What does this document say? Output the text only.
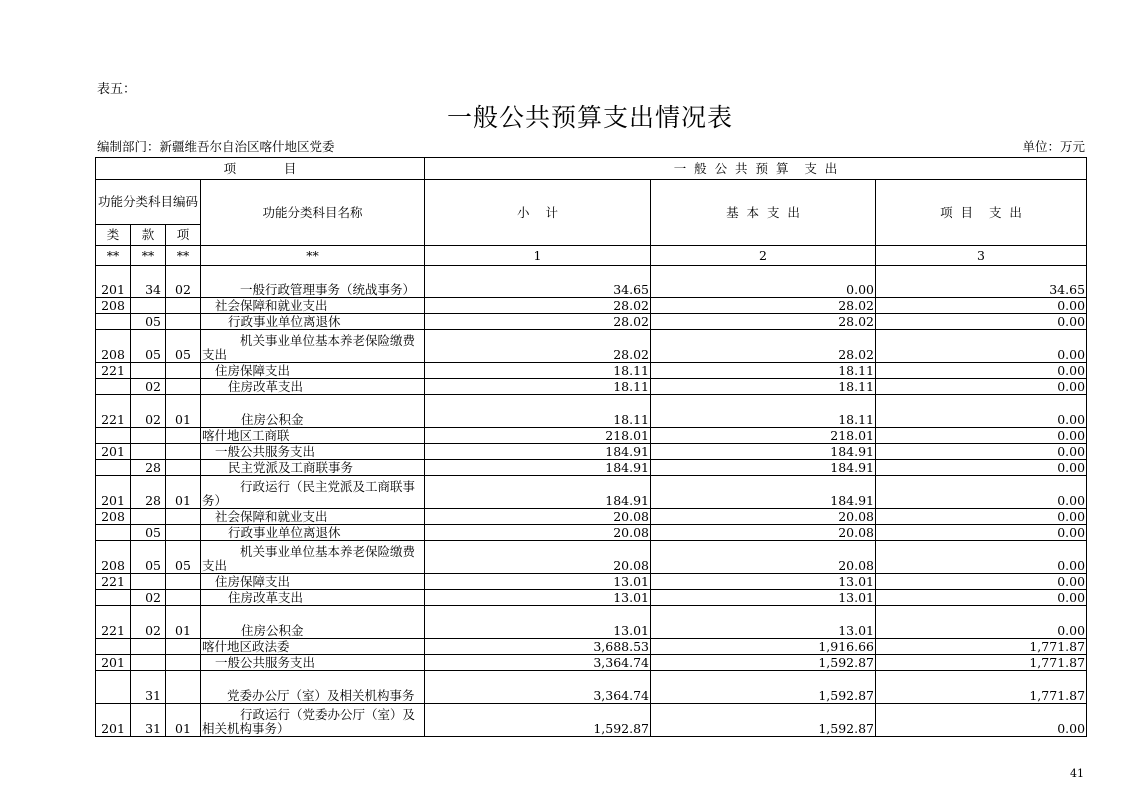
表五：
一般公共预算支出情况表
编制部门：新疆维吾尔自治区喀什地区党委	单位：万元
项            目				一  般  公  共  预  算    支  出		
功能分类科目编码			功能分类科目名称	小    计	基  本  支  出	项  目    支  出
类	款	项				
**	**	**	**	1	2	3
201	34	02	一般行政管理事务（统战事务）	34.65	0.00	34.65
208			社会保障和就业支出	28.02	28.02	0.00
	05		行政事业单位离退休	28.02	28.02	0.00
208	05	05	机关事业单位基本养老保险缴费支出	28.02	28.02	0.00
221			住房保障支出	18.11	18.11	0.00
	02		住房改革支出	18.11	18.11	0.00
221	02	01	住房公积金	18.11	18.11	0.00
			喀什地区工商联	218.01	218.01	0.00
201			一般公共服务支出	184.91	184.91	0.00
	28		民主党派及工商联事务	184.91	184.91	0.00
201	28	01	行政运行（民主党派及工商联事务）	184.91	184.91	0.00
208			社会保障和就业支出	20.08	20.08	0.00
	05		行政事业单位离退休	20.08	20.08	0.00
208	05	05	机关事业单位基本养老保险缴费支出	20.08	20.08	0.00
221			住房保障支出	13.01	13.01	0.00
	02		住房改革支出	13.01	13.01	0.00
221	02	01	住房公积金	13.01	13.01	0.00
			喀什地区政法委	3,688.53	1,916.66	1,771.87
201			一般公共服务支出	3,364.74	1,592.87	1,771.87
	31		党委办公厅（室）及相关机构事务	3,364.74	1,592.87	1,771.87
201	31	01	行政运行（党委办公厅（室）及相关机构事务）	1,592.87	1,592.87	0.00
41
